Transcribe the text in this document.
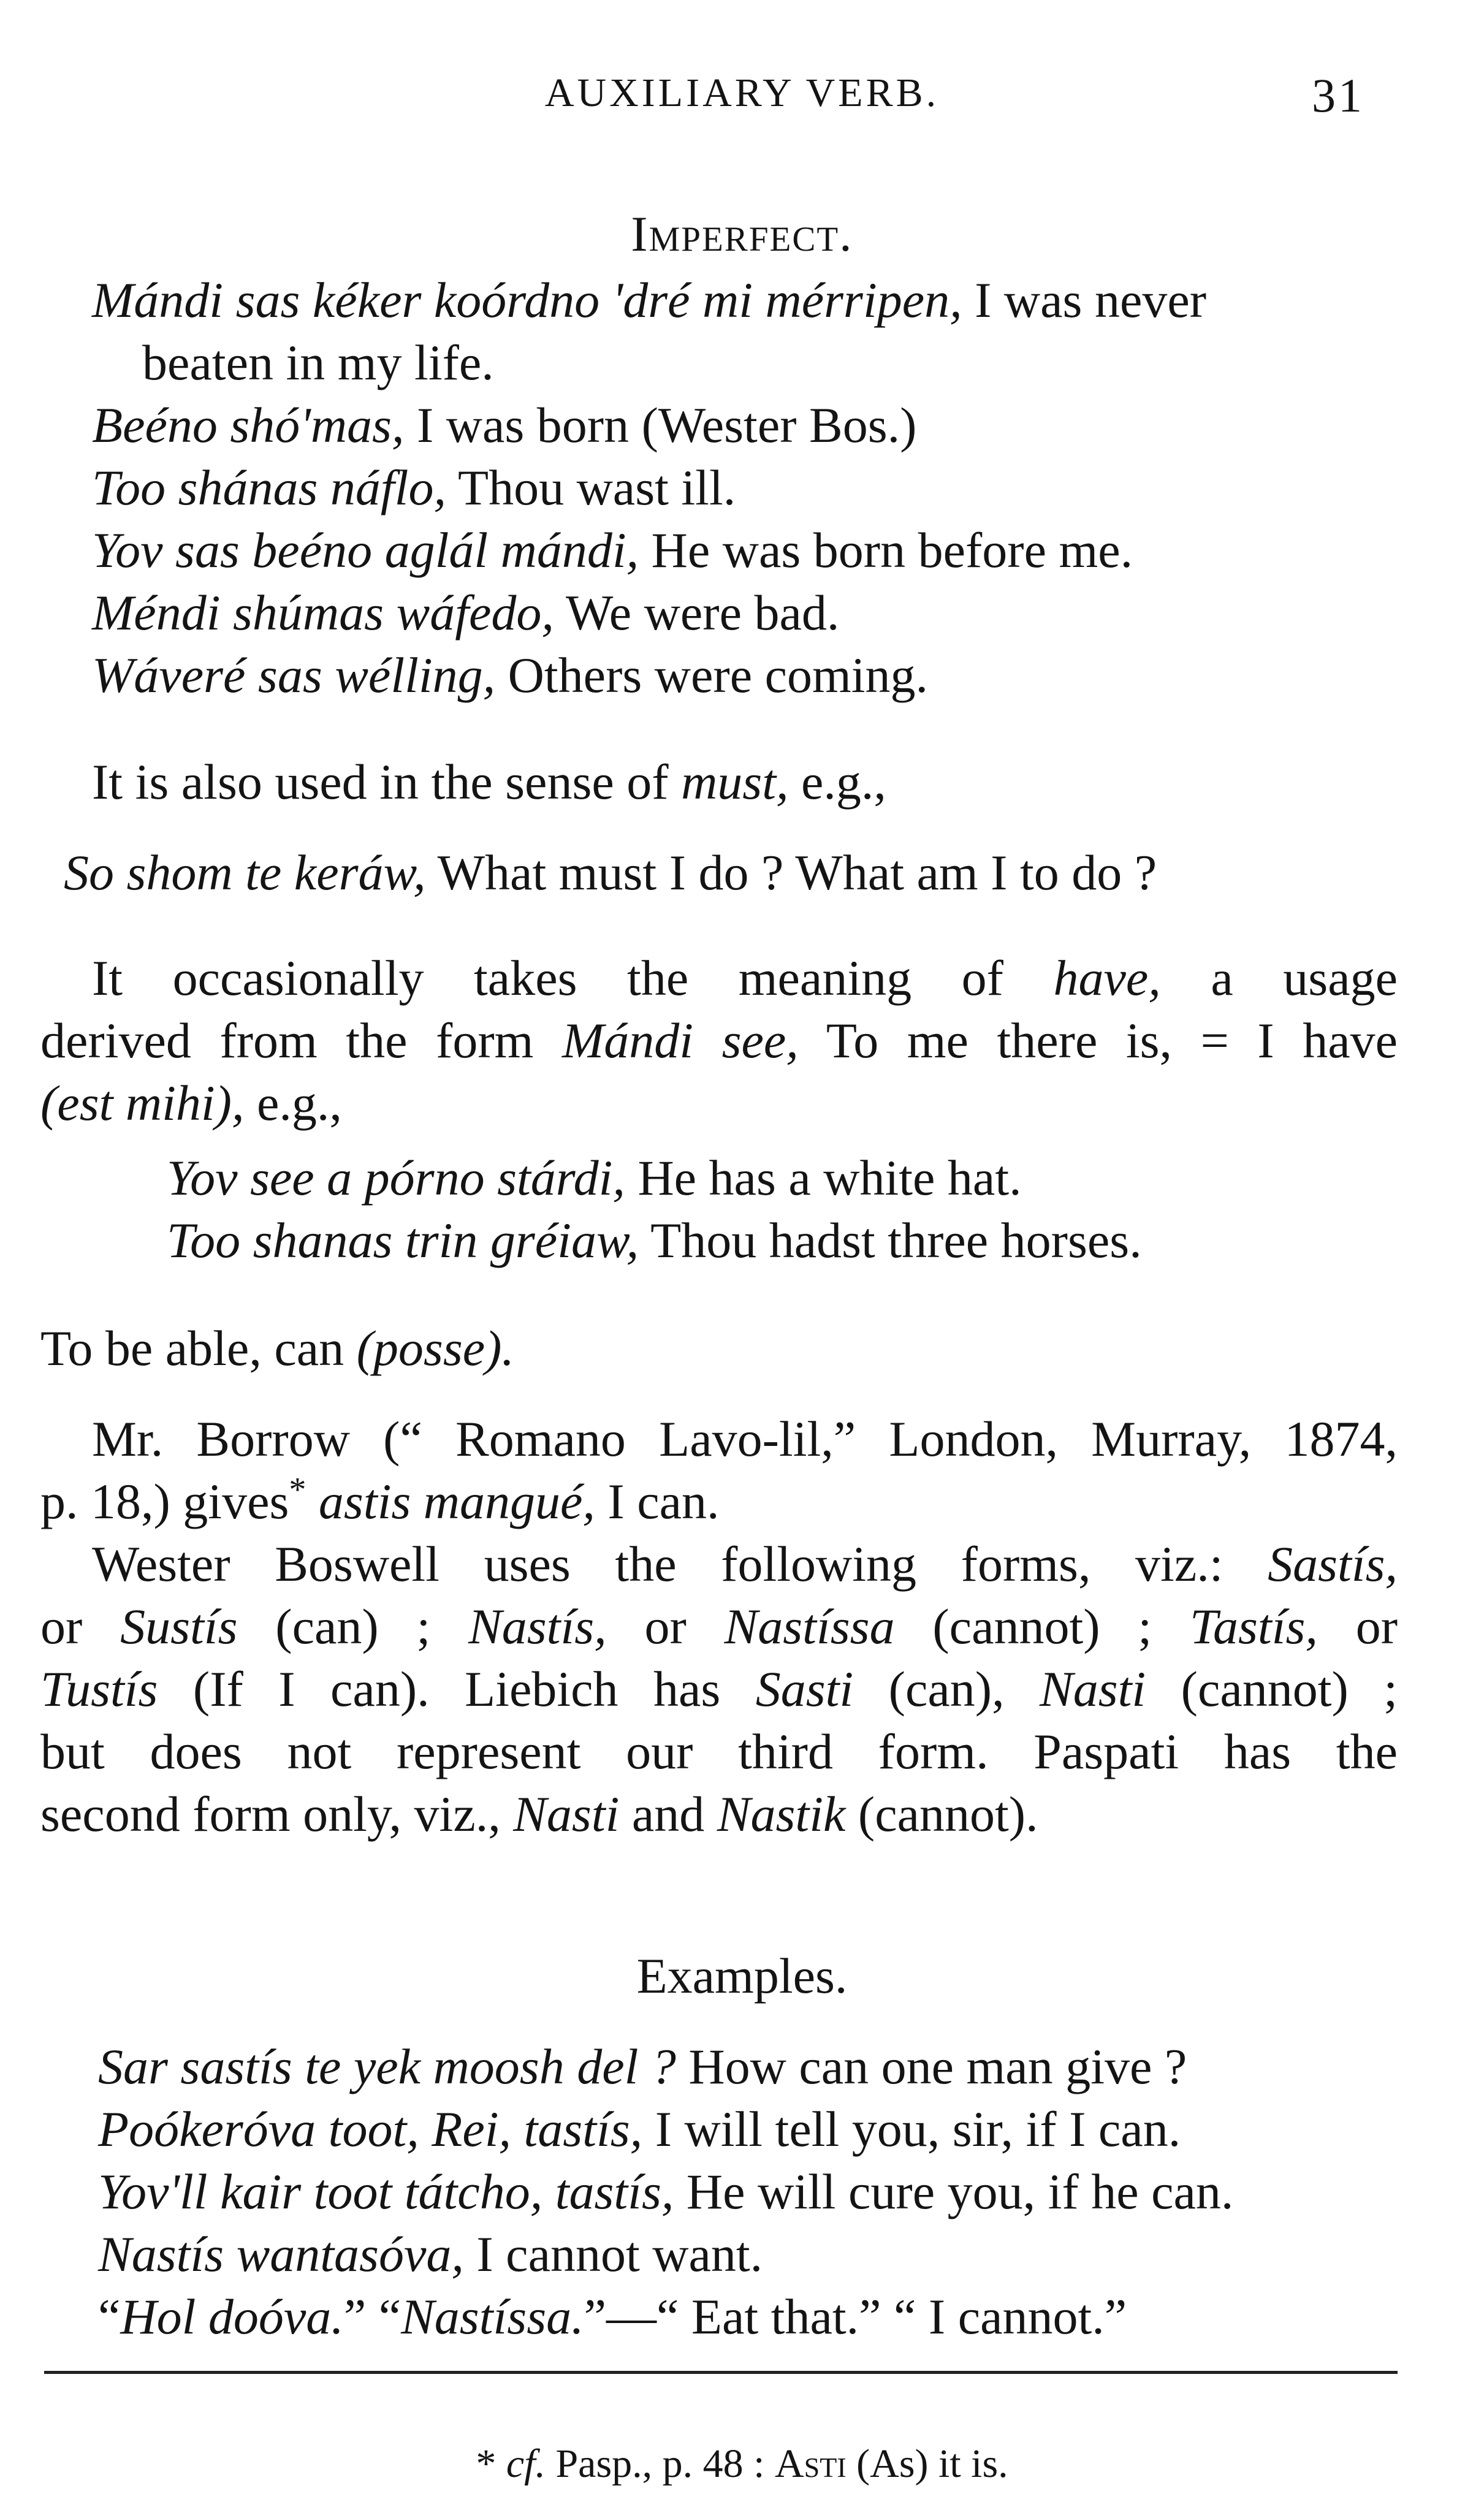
AUXILIARY VERB.	31
Imperfect.
Mándi sas kéker koórdno 'dré mi mérripen, I was never
beaten in my life.
Beéno shó'mas, I was born (Wester Bos.)
Too shánas náflo, Thou wast ill.
Yov sas beéno aglál mándi, He was born before me.
Méndi shúmas wáfedo, We were bad.
Wáveré sas wélling, Others were coming.
It is also used in the sense of must, e.g.,
So shom te keráw, What must I do ? What am I to do ?
It occasionally takes the meaning of have, a usage
derived from the form Mándi see, To me there is, = I have
(est mihi), e.g.,
Yov see a pórno stárdi, He has a white hat.
Too shanas trin gréiaw, Thou hadst three horses.
To be able, can (posse).
Mr. Borrow (“ Romano Lavo-lil,” London, Murray, 1874,
p. 18,) gives* astis mangué, I can.
Wester Boswell uses the following forms, viz.: Sastís,
or Sustís (can) ; Nastís, or Nastíssa (cannot) ; Tastís, or
Tustís (If I can). Liebich has Sasti (can), Nasti (cannot) ;
but does not represent our third form. Paspati has the
second form only, viz., Nasti and Nastik (cannot).
Examples.
Sar sastís te yek moosh del ? How can one man give ?
Poókeróva toot, Rei, tastís, I will tell you, sir, if I can.
Yov'll kair toot tátcho, tastís, He will cure you, if he can.
Nastís wantasóva, I cannot want.
“Hol doóva.” “Nastíssa.”—“ Eat that.” “ I cannot.”
* cf. Pasp., p. 48 : Asti (As) it is.
